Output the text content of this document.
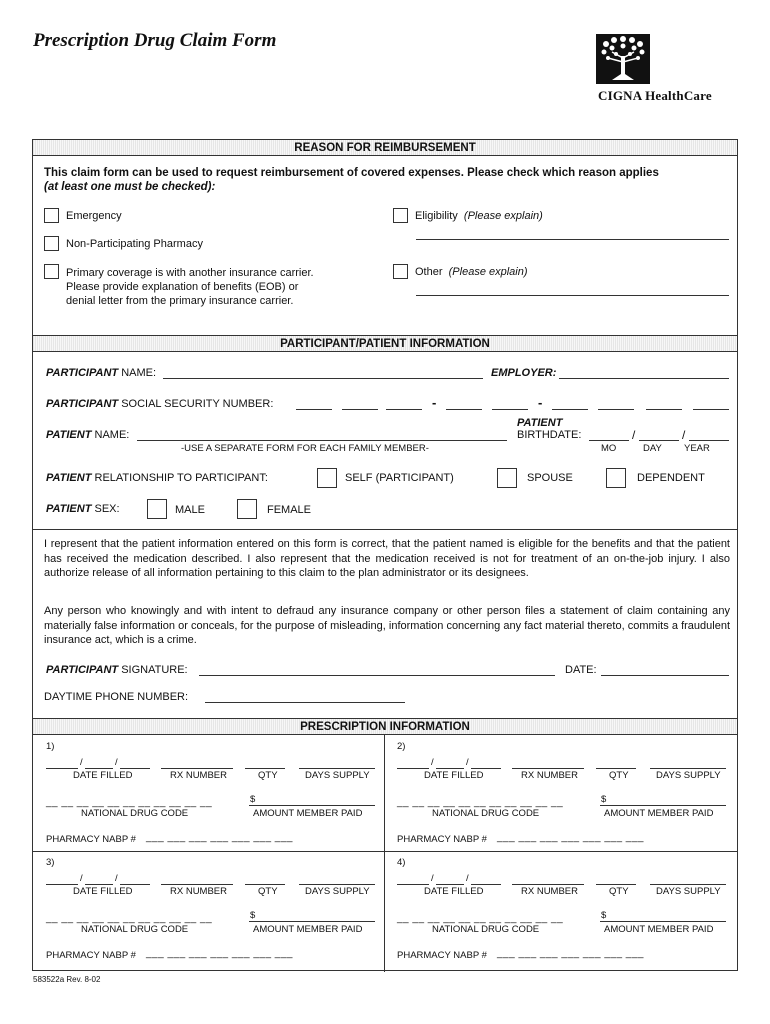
Prescription Drug Claim Form
CIGNA HealthCare
REASON FOR REIMBURSEMENT
This claim form can be used to request reimbursement of covered expenses. Please check which reason applies
(at least one must be checked):
Emergency
Non-Participating Pharmacy
Primary coverage is with another insurance carrier. Please provide explanation of benefits (EOB) or denial letter from the primary insurance carrier.
Eligibility (Please explain)
Other (Please explain)
PARTICIPANT/PATIENT INFORMATION
PARTICIPANT NAME:	EMPLOYER:
PARTICIPANT SOCIAL SECURITY NUMBER:	-	-
PATIENT NAME:
-USE A SEPARATE FORM FOR EACH FAMILY MEMBER-
PATIENT
BIRTHDATE:	/	/
MO	DAY YEAR
PATIENT RELATIONSHIP TO PARTICIPANT:	SELF (PARTICIPANT)	SPOUSE	DEPENDENT
PATIENT SEX:	MALE	FEMALE
I represent that the patient information entered on this form is correct, that the patient named is eligible for the benefits and that the patient has received the medication described. I also represent that the medication received is not for treatment of an on-the-job injury. I also authorize release of all information pertaining to this claim to the plan administrator or its designees.
Any person who knowingly and with intent to defraud any insurance company or other person files a statement of claim containing any materially false information or conceals, for the purpose of misleading, information concerning any fact material thereto, commits a fraudulent insurance act, which is a crime.
PARTICIPANT SIGNATURE:	DATE:
DAYTIME PHONE NUMBER:
PRESCRIPTION INFORMATION
1)
/	/
DATE FILLED	RX NUMBER	QTY	DAYS SUPPLY
__ __ __ __ __ __ __ __ __ __ __
NATIONAL DRUG CODE
$
AMOUNT MEMBER PAID
PHARMACY NABP # ___ ___ ___ ___ ___ ___ ___
2)
/	/
DATE FILLED	RX NUMBER	QTY	DAYS SUPPLY
__ __ __ __ __ __ __ __ __ __ __
NATIONAL DRUG CODE
$
AMOUNT MEMBER PAID
PHARMACY NABP # ___ ___ ___ ___ ___ ___ ___
3)
/	/
DATE FILLED	RX NUMBER	QTY	DAYS SUPPLY
__ __ __ __ __ __ __ __ __ __ __
NATIONAL DRUG CODE
$
AMOUNT MEMBER PAID
PHARMACY NABP # ___ ___ ___ ___ ___ ___ ___
4)
/	/
DATE FILLED	RX NUMBER	QTY	DAYS SUPPLY
__ __ __ __ __ __ __ __ __ __ __
NATIONAL DRUG CODE
$
AMOUNT MEMBER PAID
PHARMACY NABP # ___ ___ ___ ___ ___ ___ ___
583522a Rev. 8-02
